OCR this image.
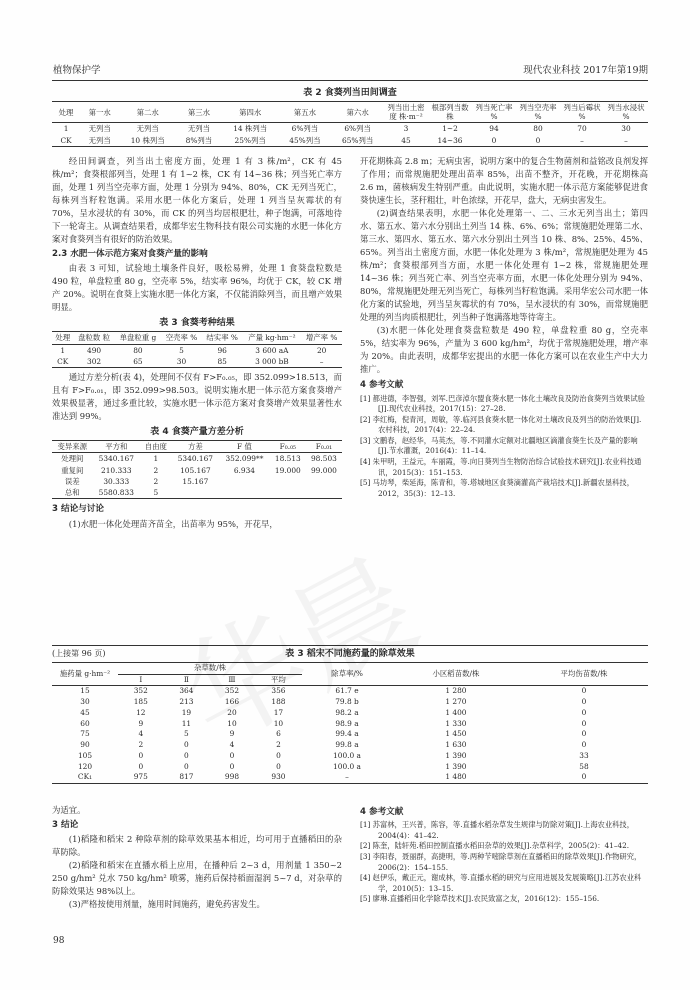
植物保护学	现代农业科技 2017年第19期

表 2 食葵列当田间调查

处理	第一水	第二水	第三水	第四水	第五水	第六水	列当出土密度 株·m⁻²	根部列当数 株	列当死亡率 %	列当空壳率 %	列当后霉状 %	列当水浸状 %
1	无列当	无列当	无列当	14 株列当	6%列当	6%列当	3	1~2	94	80	70	30
CK	无列当	10 株列当	8%列当	25%列当	45%列当	65%列当	45	14~36	0	0	–	–

经田间调查，列当出土密度方面，处理 1 有 3 株/m²，CK 有 45 株/m²；食葵根部列当，处理 1 有 1~2 株，CK 有 14~36 株；列当死亡率方面，处理 1 列当空壳率方面，处理 1 分别为 94%、80%，CK 无列当死亡，每株列当籽粒饱满。采用水肥一体化方案后，处理 1 列当呈灰霉状的有 70%，呈水浸状的有 30%，而 CK 的列当均居根肥壮，种子饱满，可落地待下一轮寄主。从调查结果看，成都华宏生物科技有限公司实施的水肥一体化方案对食葵列当有很好的防治效果。

2.3 水肥一体示范方案对食葵产量的影响

由表 3 可知，试验地土壤条件良好，吸松易辨，处理 1 食葵盘粒数是 490 粒，单盘粒重 80 g，空壳率 5%，结实率 96%，均优于 CK，较 CK 增产 20%。说明在食葵上实施水肥一体化方案，不仅能消除列当，而且增产效果明显。

表 3 食葵考种结果

处理	盘粒数 粒	单盘粒重 g	空壳率 %	结实率 %	产量 kg·hm⁻²	增产率 %
1	490	80	5	96	3 600 aA	20
CK	302	65	30	85	3 000 bB	–

通过方差分析(表 4)，处理间不仅有 F>F₀.₀₅，即 352.099>18.513，而且有 F>F₀.₀₁，即 352.099>98.503。说明实施水肥一体示范方案食葵增产效果极显著，通过多重比较，实施水肥一体示范方案对食葵增产效果显著性水准达到 99%。

表 4 食葵产量方差分析

变异来源	平方和	自由度	方差	F 值	F₀.₀₅	F₀.₀₁
处理间	5340.167	1	5340.167	352.099**	18.513	98.503
重复间	210.333	2	105.167	6.934	19.000	99.000
误差	30.333	2	15.167			
总和	5580.833	5				

3 结论与讨论

(1)水肥一体化处理苗齐苗全，出苗率为 95%，开花早，

开花期株高 2.8 m；无病虫害，说明方案中的复合生物菌剂和益铭改良剂发挥了作用；而常规施肥处理出苗率 85%，出苗不整齐，开花晚，开花期株高 2.6 m，菌核病发生特别严重。由此说明，实施水肥一体示范方案能够促进食葵快速生长，茎秆粗壮，叶色浓绿，开花早，盘大，无病虫害发生。

(2)调查结果表明，水肥一体化处理第一、二、三水无列当出土；第四水、第五水、第六水分别出土列当 14 株、6%、6%；常规施肥处理第二水、第三水、第四水、第五水、第六水分别出土列当 10 株、8%、25%、45%、65%。列当出土密度方面，水肥一体化处理为 3 株/m²，常规施肥处理为 45 株/m²；食葵根部列当方面，水肥一体化处理有 1~2 株，常规施肥处理 14~36 株；列当死亡率、列当空壳率方面，水肥一体化处理分别为 94%、80%，常规施肥处理无列当死亡，每株列当籽粒饱满。采用华宏公司水肥一体化方案的试验地，列当呈灰霉状的有 70%，呈水浸状的有 30%，而常规施肥处理的列当肉质根肥壮，列当种子饱满落地等待寄主。

(3)水肥一体化处理食葵盘粒数是 490 粒，单盘粒重 80 g，空壳率 5%，结实率为 96%，产量为 3 600 kg/hm²，均优于常规施肥处理，增产率为 20%。由此表明，成都华宏提出的水肥一体化方案可以在农业生产中大力推广。

4 参考文献

[1] 都进德，李智强，刘军.巴彦淖尔盟食葵水肥一体化土壤改良及防治食葵列当效果试验[J].现代农业科技，2017(15)：27–28.
[2] 李红梅，倪青河，周敏，等.临河县食葵水肥一体化对土壤改良及列当的防治效果[J].农村科技，2017(4)：22–24.
[3] 文鹏春，赵经华，马英杰，等.不同灌水定额对北疆地区滴灌食葵生长及产量的影响[J].节水灌溉，2016(4)：11–14.
[4] 朱甲明，王益元，车丽霞，等.向日葵列当生物防治综合试验技术研究[J].农业科技通讯，2015(3)：151–153.
[5] 马坊琴，柴延海，陈青和，等.塔城地区食葵滴灌高产栽培技术[J].新疆农垦科技，2012，35(3)：12–13.
(上接第 96 页)	表 3 稻宋不同施药量的除草效果

施药量 g·hm⁻²	杂草数/株				除草率/%	小区稻苗数/株	平均伤苗数/株
	Ⅰ	Ⅱ	Ⅲ	平均			
15	352	364	352	356	61.7 e	1 280	0
30	185	213	166	188	79.8 b	1 270	0
45	12	19	20	17	98.2 a	1 400	0
60	9	11	10	10	98.9 a	1 330	0
75	4	5	9	6	99.4 a	1 450	0
90	2	0	4	2	99.8 a	1 630	0
105	0	0	0	0	100.0 a	1 390	33
120	0	0	0	0	100.0 a	1 390	58
CK₁	975	817	998	930	–	1 480	0

为适宜。

3 结论

(1)稻隆和稻宋 2 种除草剂的除草效果基本相近，均可用于直播稻田的杂草防除。

(2)稻隆和稻宋在直播水稻上应用，在播种后 2~3 d，用剂量 1 350~2 250 g/hm² 兑水 750 kg/hm² 喷雾，施药后保持稻面湿润 5~7 d，对杂草的防除效果达 98%以上。

(3)严格按使用剂量，施用时间施药，避免药害发生。

4 参考文献

[1] 苏富林，王兴普，陈容，等.直播水稻杂草发生规律与防除对策[J].上海农业科技，2004(4)：41–42.
[2] 陈奎，陆轩苑.稻田控制直播水稻田杂草的效果[J].杂草科学，2005(2)：41–42.
[3] 李阳春，聂丽群，高捷明，等.两种苄嘧除草剂在直播稻田的除草效果[J].作物研究，2006(2)：154–155.
[4] 赵伊乐，戴正元，谢成林，等.直播水稻的研究与应用进展及发展策略[J].江苏农业科学，2010(5)：13–15.
[5] 廖琳.直播稻田化学除草技术[J].农民致富之友，2016(12)：155–156.
98
